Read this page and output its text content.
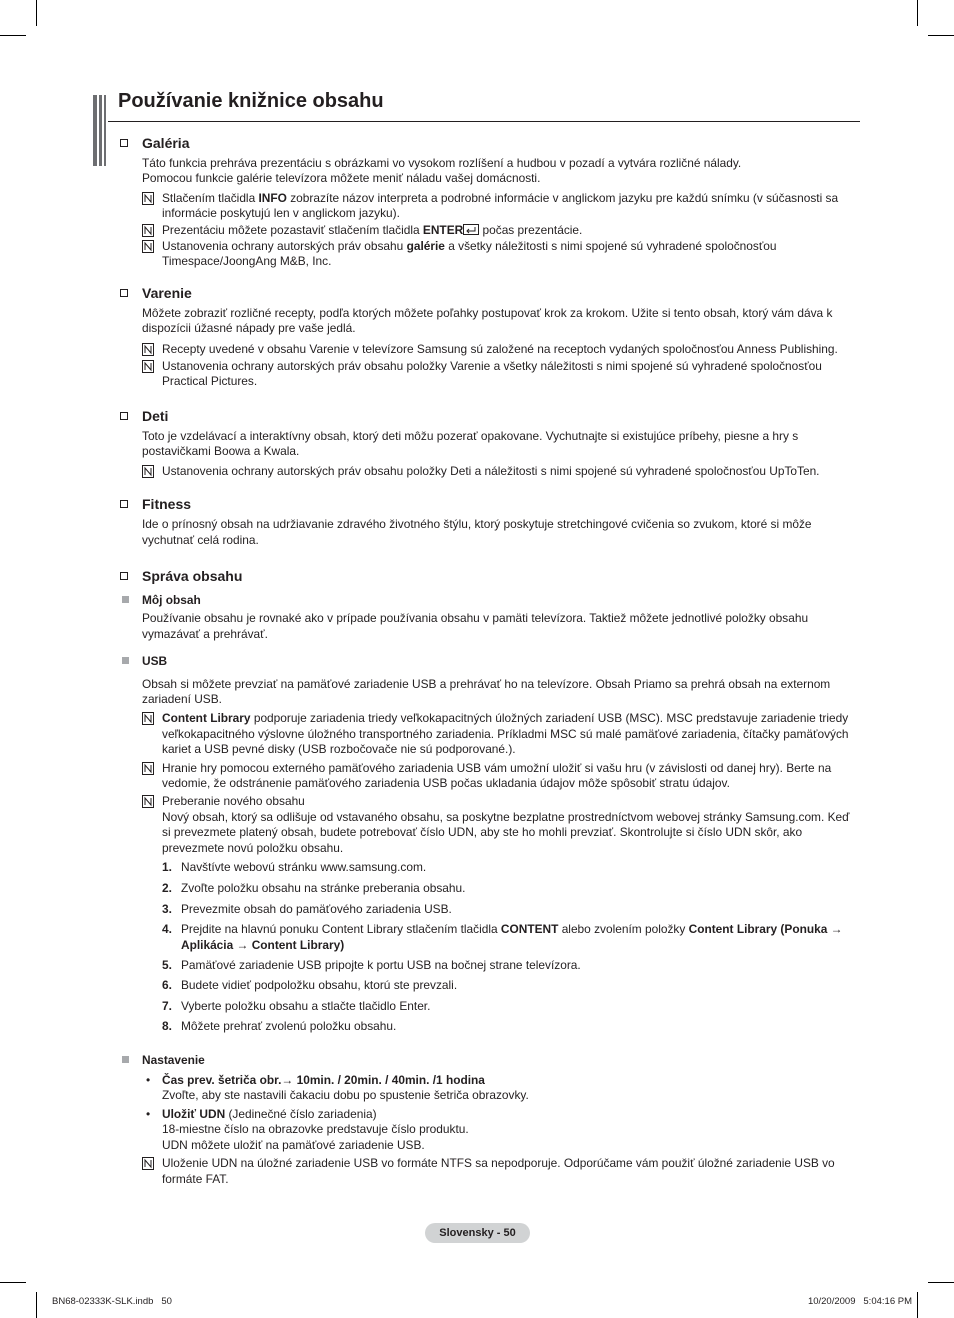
Používanie knižnice obsahu
Galéria
Táto funkcia prehráva prezentáciu s obrázkami vo vysokom rozlíšení a hudbou v pozadí a vytvára rozličné nálady.
Pomocou funkcie galérie televízora môžete meniť náladu vašej domácnosti.
Stlačením tlačidla INFO zobrazíte názov interpreta a podrobné informácie v anglickom jazyku pre každú snímku (v súčasnosti sa informácie poskytujú len v anglickom jazyku).
Prezentáciu môžete pozastaviť stlačením tlačidla ENTER počas prezentácie.
Ustanovenia ochrany autorských práv obsahu galérie a všetky náležitosti s nimi spojené sú vyhradené spoločnosťou Timespace/JoongAng M&B, Inc.
Varenie
Môžete zobraziť rozličné recepty, podľa ktorých môžete poľahky postupovať krok za krokom. Užite si tento obsah, ktorý vám dáva k dispozícii úžasné nápady pre vaše jedlá.
Recepty uvedené v obsahu Varenie v televízore Samsung sú založené na receptoch vydaných spoločnosťou Anness Publishing.
Ustanovenia ochrany autorských práv obsahu položky Varenie a všetky náležitosti s nimi spojené sú vyhradené spoločnosťou Practical Pictures.
Deti
Toto je vzdelávací a interaktívny obsah, ktorý deti môžu pozerať opakovane. Vychutnajte si existujúce príbehy, piesne a hry s postavičkami Boowa a Kwala.
Ustanovenia ochrany autorských práv obsahu položky Deti a náležitosti s nimi spojené sú vyhradené spoločnosťou UpToTen.
Fitness
Ide o prínosný obsah na udržiavanie zdravého životného štýlu, ktorý poskytuje stretchingové cvičenia so zvukom, ktoré si môže vychutnať celá rodina.
Správa obsahu
Môj obsah
Používanie obsahu je rovnaké ako v prípade používania obsahu v pamäti televízora. Taktiež môžete jednotlivé položky obsahu vymazávať a prehrávať.
USB
Obsah si môžete prevziať na pamäťové zariadenie USB a prehrávať ho na televízore. Obsah Priamo sa prehrá obsah na externom zariadení USB.
Content Library podporuje zariadenia triedy veľkokapacitných úložných zariadení USB (MSC). MSC predstavuje zariadenie triedy veľkokapacitného výslovne úložného transportného zariadenia. Príkladmi MSC sú malé pamäťové zariadenia, čítačky pamäťových kariet a USB pevné disky (USB rozbočovače nie sú podporované.).
Hranie hry pomocou externého pamäťového zariadenia USB vám umožní uložiť si vašu hru (v závislosti od danej hry). Berte na vedomie, že odstránenie pamäťového zariadenia USB počas ukladania údajov môže spôsobiť stratu údajov.
Preberanie nového obsahu
Nový obsah, ktorý sa odlišuje od vstavaného obsahu, sa poskytne bezplatne prostredníctvom webovej stránky Samsung.com. Keď si prevezmete platený obsah, budete potrebovať číslo UDN, aby ste ho mohli prevziať. Skontrolujte si číslo UDN skôr, ako prevezmete novú položku obsahu.
1. Navštívte webovú stránku www.samsung.com.
2. Zvoľte položku obsahu na stránke preberania obsahu.
3. Prevezmite obsah do pamäťového zariadenia USB.
4. Prejdite na hlavnú ponuku Content Library stlačením tlačidla CONTENT alebo zvolením položky Content Library (Ponuka → Aplikácia → Content Library)
5. Pamäťové zariadenie USB pripojte k portu USB na bočnej strane televízora.
6. Budete vidieť podpoložku obsahu, ktorú ste prevzali.
7. Vyberte položku obsahu a stlačte tlačidlo Enter.
8. Môžete prehrať zvolenú položku obsahu.
Nastavenie
• Čas prev. šetriča obr.→ 10min. / 20min. / 40min. /1 hodina
Zvoľte, aby ste nastavili čakaciu dobu po spustenie šetriča obrazovky.
• Uložiť UDN (Jedinečné číslo zariadenia)
18-miestne číslo na obrazovke predstavuje číslo produktu.
UDN môžete uložiť na pamäťové zariadenie USB.
Uloženie UDN na úložné zariadenie USB vo formáte NTFS sa nepodporuje. Odporúčame vám použiť úložné zariadenie USB vo formáte FAT.
Slovensky - 50
BN68-02333K-SLK.indb   50	10/20/2009   5:04:16 PM
